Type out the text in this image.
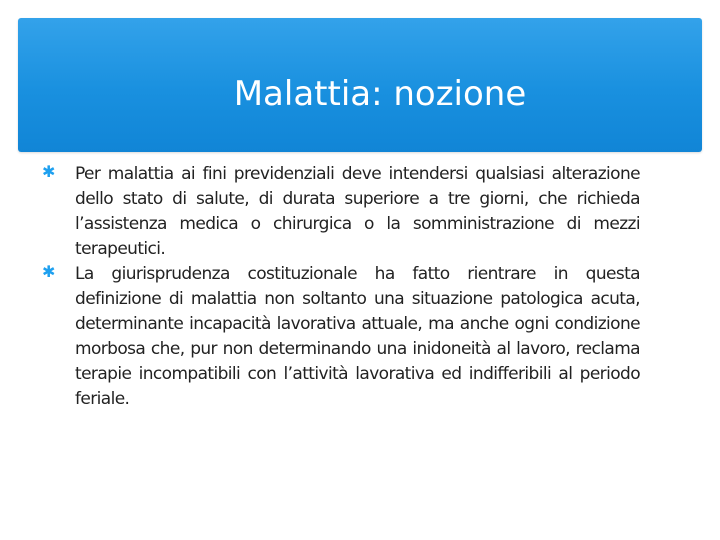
Malattia: nozione
✱ Per malattia ai fini previdenziali deve intendersi qualsiasi alterazione dello stato di salute, di durata superiore a tre giorni, che richieda l’assistenza medica o chirurgica o la somministrazione di mezzi terapeutici.

✱ La giurisprudenza costituzionale ha fatto rientrare in questa definizione di malattia non soltanto una situazione patologica acuta, determinante incapacità lavorativa attuale, ma anche ogni condizione morbosa che, pur non determinando una inidoneità al lavoro, reclama terapie incompatibili con l’attività lavorativa ed indifferibili al periodo feriale.
